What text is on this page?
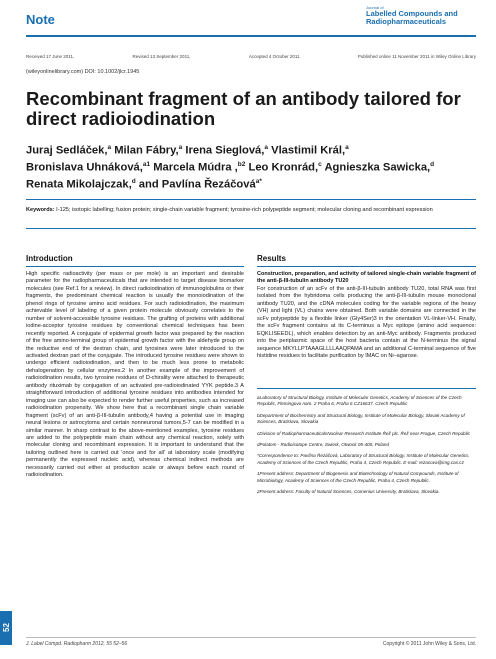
Note
Journal of
Labelled Compounds and
Radiopharmaceuticals
Received 17 June 2011,	Revised 13 September 2011,	Accepted 4 October 2011	Published online 11 November 2011 in Wiley Online Library
(wileyonlinelibrary.com) DOI: 10.1002/jlcr.1945
Recombinant fragment of an antibody tailored for direct radioiodination
Juraj Sedláček,$^a$ Milan Fábry,$^a$ Irena Sieglová,$^a$ Vlastimil Král,$^a$
Bronislava Uhnáková,$^{a1}$ Marcela Múdra ,$^{b2}$ Leo Kronrád,$^c$ Agnieszka Sawicka,$^d$
Renata Mikolajczak,$^d$ and Pavlína Řezáčová$^{a*}$
Keywords: I-125; isotopic labelling; fusion protein; single-chain variable fragment; tyrosine-rich polypeptide segment; molecular cloning and recombinant expression
Introduction

High specific radioactivity (per mass or per mole) is an important and desirable parameter for the radiopharmaceuticals that are intended to target disease biomarker molecules (see Ref.1 for a review). In direct radioiodination of immunoglobulins or their fragments, the predominant chemical reaction is usually the monoiodination of the phenol rings of tyrosine amino acid residues. For such radioiodination, the maximum achievable level of labeling of a given protein molecule obviously correlates to the number of solvent-accessible tyrosine residues. The grafting of proteins with additional iodine-acceptor tyrosine residues by conventional chemical techniques has been recently reported. A conjugate of epidermal growth factor was prepared by the reaction of the free amino-terminal group of epidermal growth factor with the aldehyde group on the reductive end of the dextran chain, and tyrosines were later introduced to the activated dextran part of the conjugate. The introduced tyrosine residues were shown to undergo efficient radioiodination, and then to be much less prone to metabolic dehalogenation by cellular enzymes.2 In another example of the improvement of radioiodination results, two tyrosine residues of D-chirality were attached to therapeutic antibody rituximab by conjugation of an activated pre-radioiodinated YYK peptide.3 A straightforward introduction of additional tyrosine residues into antibodies intended for imaging use can also be expected to render further useful properties, such as increased radioiodination propensity. We show here that a recombinant single chain variable fragment (scFv) of an anti-β-III-tubulin antibody,4 having a potential use in imaging neural lesions or astrocytoma and certain nonneuronal tumors,5-7 can be modified in a similar manner. In sharp contrast to the above-mentioned examples, tyrosine residues are added to the polypeptide main chain without any chemical reaction, solely with molecular cloning and recombinant expression. It is important to understand that the tailoring outlined here is carried out 'once and for all' at laboratory scale (modifying permanently the expressed nucleic acid), whereas chemical indirect methods are necessarily carried out either at production scale or always before each round of radioiodination.

Results

Construction, preparation, and activity of tailored single-chain variable fragment of the anti-β-III-tubulin antibody TU20

For construction of an scFv of the anti-β-III-tubulin antibody TU20, total RNA was first isolated from the hybridoma cells producing the anti-β-III-tubulin mouse monoclonal antibody TU20, and the cDNA molecules coding for the variable regions of the heavy (VH) and light (VL) chains were obtained. Both variable domains are connected in the scFv polypeptide by a flexible linker (Gly4Ser)3 in the orientation VL-linker-VH. Finally, the scFv fragment contains at its C-terminus a Myc epitope (amino acid sequence: EQKLISEEDL), which enables detection by an anti-Myc antibody. Fragments produced into the periplasmic space of the host bacteria contain at the N-terminus the signal sequence MKYLLPTAAAGLLLLAAQPAMA and an additional C-terminal sequence of five histidine residues to facilitate purification by IMAC on Ni–agarose.

aLaboratory of Structural Biology, Institute of Molecular Genetics, Academy of Sciences of the Czech Republic, Flemingovo nam. 2 Praha 6, Praha 6 CZ16637, Czech Republic

bDepartment of Biochemistry and Structural Biology, Institute of Molecular Biology, Slovak Academy of Sciences, Bratislava, Slovakia

cDivision of RadiopharmaceuticalsNuclear Research Institute Řež plc. Řež near Prague, Czech Republic

dPolatom - Radioisotope Centre, Swierk, Otwock 05-400, Poland

*Correspondence to: Pavlína Řezáčová, Laboratory of Structural Biology, Institute of Molecular Genetics, Academy of Sciences of the Czech Republic, Praha 4, Czech Republic. E-mail: rezacova@img.cas.cz

1Present address: Department of Biogenesis and Biotechnology of Natural Compounds, Institute of Microbiology, Academy of Sciences of the Czech Republic, Praha 4, Czech Republic.

2Present address: Faculty of Natural Sciences, Comenius University, Bratislava, Slovakia.

J. Label Compd. Radiopharm 2012, 55 52–56	Copyright © 2011 John Wiley & Sons, Ltd.
52
